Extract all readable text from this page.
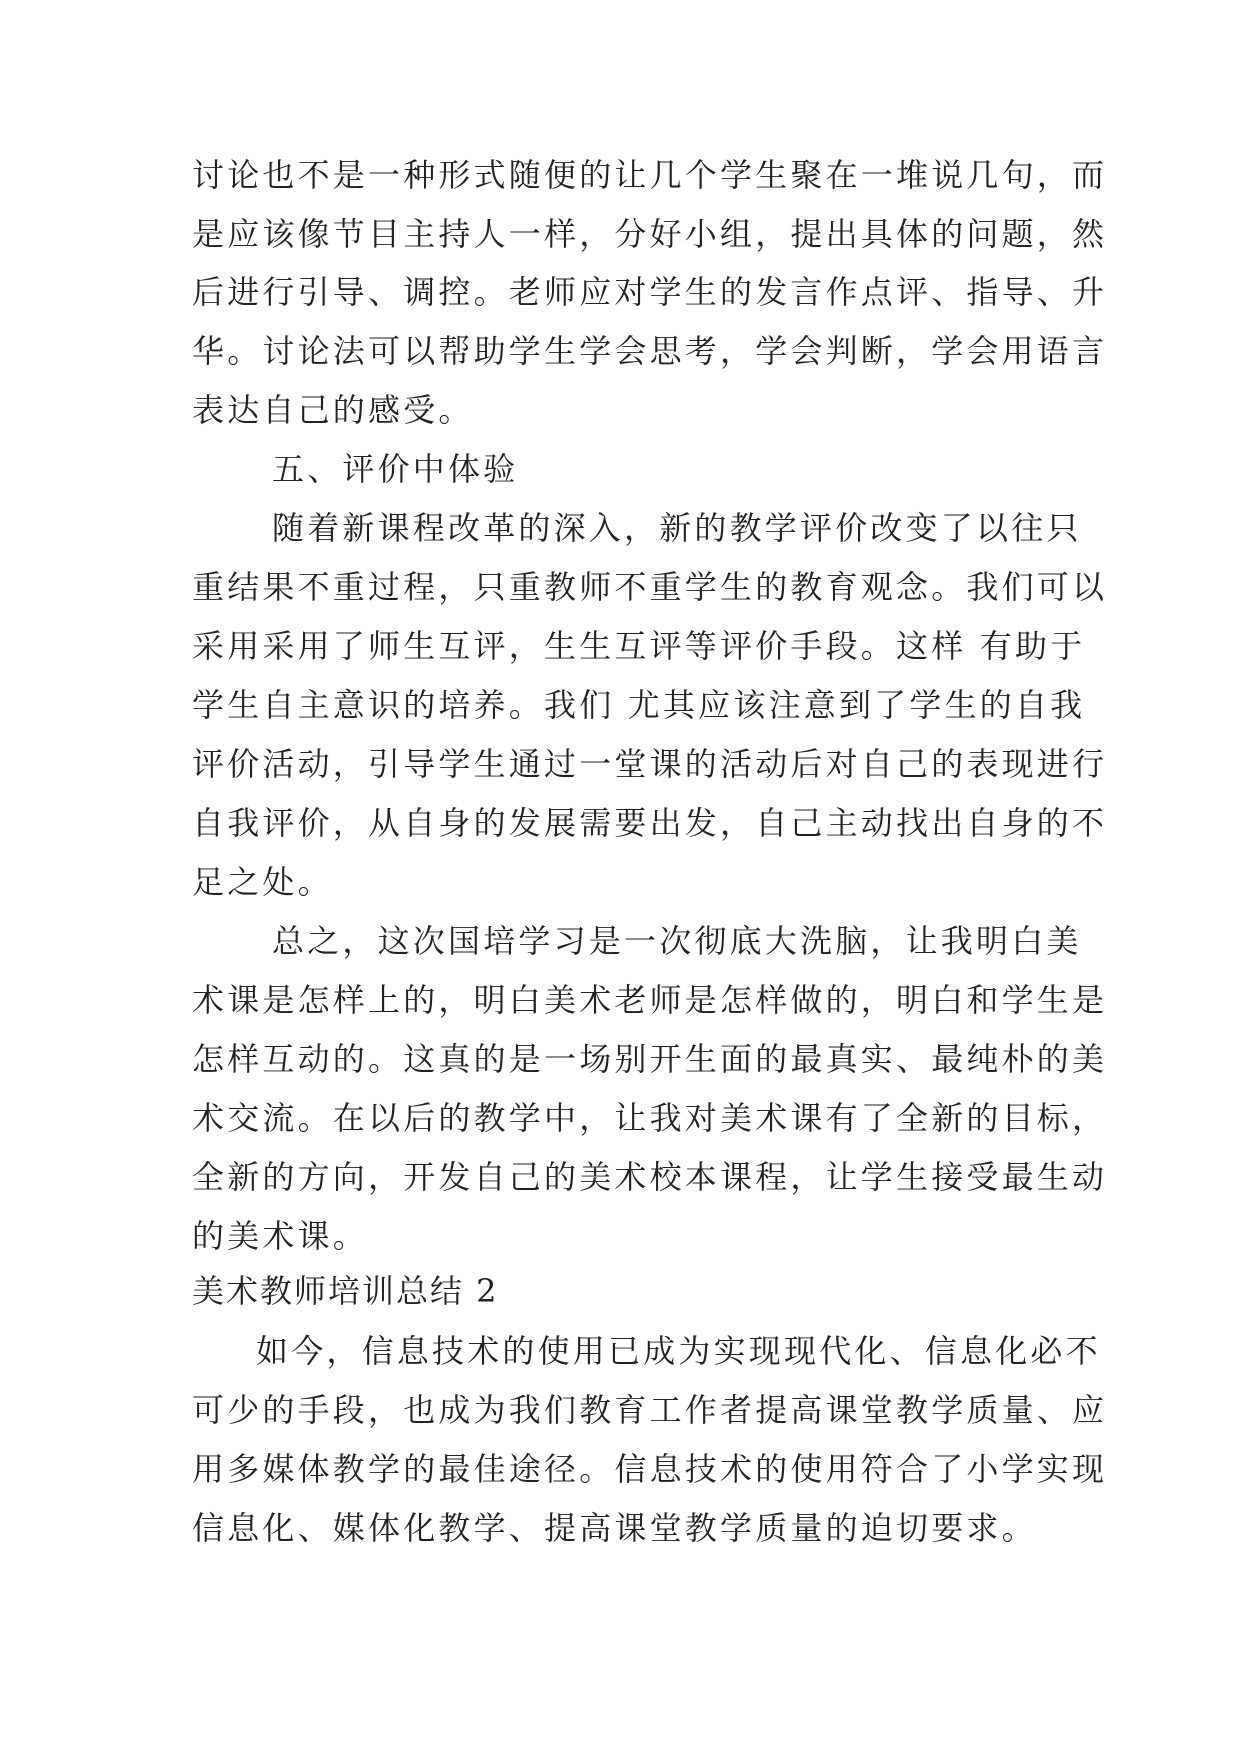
讨论也不是一种形式随便的让几个学生聚在一堆说几句，而
是应该像节目主持人一样，分好小组，提出具体的问题，然
后进行引导、调控。老师应对学生的发言作点评、指导、升
华。讨论法可以帮助学生学会思考，学会判断，学会用语言
表达自己的感受。
五、评价中体验
随着新课程改革的深入，新的教学评价改变了以往只
重结果不重过程，只重教师不重学生的教育观念。我们可以
采用采用了师生互评，生生互评等评价手段。这样 有助于
学生自主意识的培养。我们 尤其应该注意到了学生的自我
评价活动，引导学生通过一堂课的活动后对自己的表现进行
自我评价，从自身的发展需要出发，自己主动找出自身的不
足之处。
总之，这次国培学习是一次彻底大洗脑，让我明白美
术课是怎样上的，明白美术老师是怎样做的，明白和学生是
怎样互动的。这真的是一场别开生面的最真实、最纯朴的美
术交流。在以后的教学中，让我对美术课有了全新的目标，
全新的方向，开发自己的美术校本课程，让学生接受最生动
的美术课。
美术教师培训总结 2
如今，信息技术的使用已成为实现现代化、信息化必不
可少的手段，也成为我们教育工作者提高课堂教学质量、应
用多媒体教学的最佳途径。信息技术的使用符合了小学实现
信息化、媒体化教学、提高课堂教学质量的迫切要求。
